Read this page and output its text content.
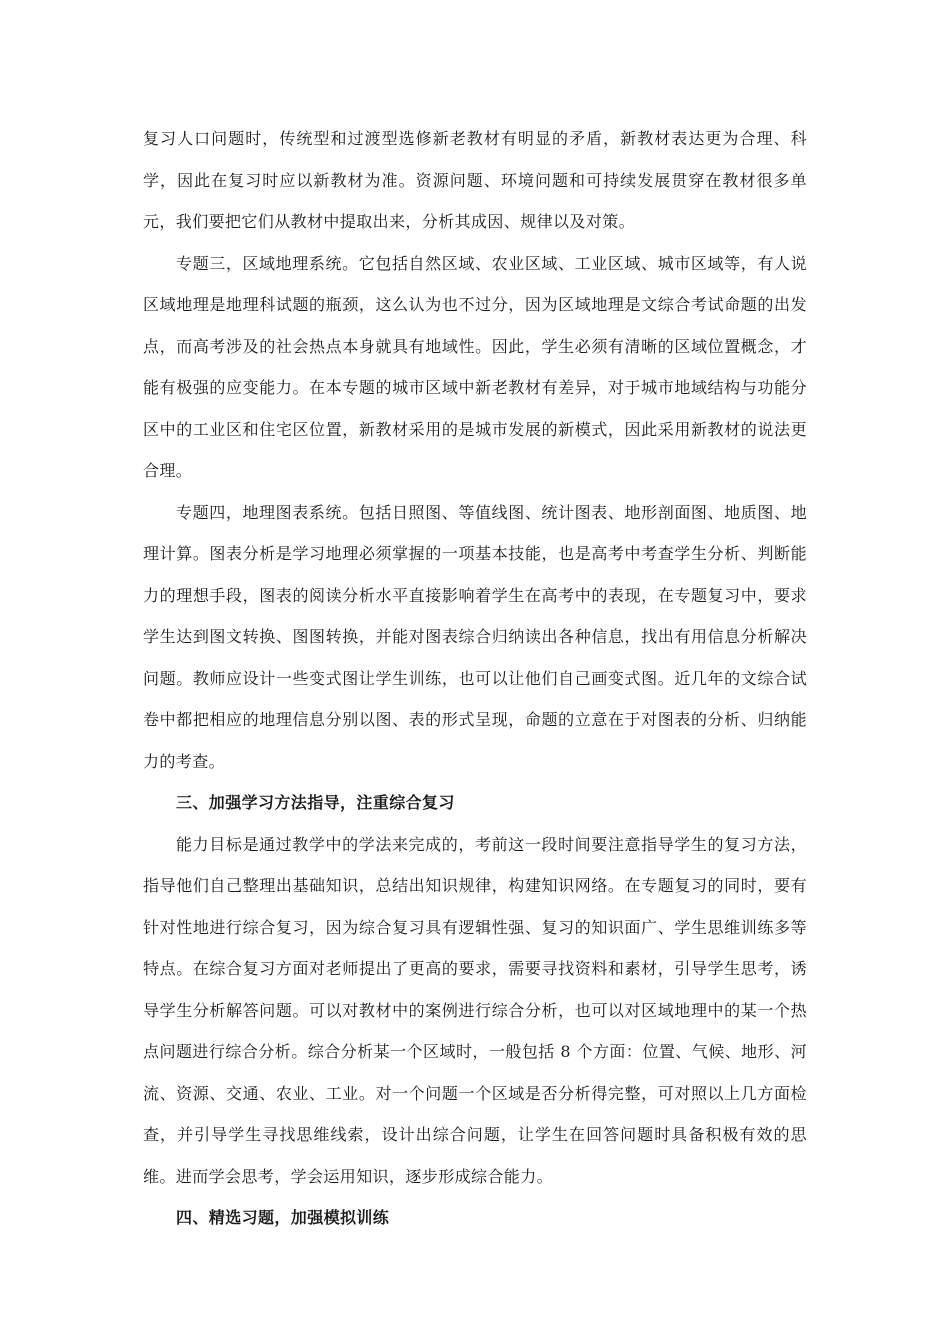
复习人口问题时，传统型和过渡型选修新老教材有明显的矛盾，新教材表达更为合理、科学，因此在复习时应以新教材为准。资源问题、环境问题和可持续发展贯穿在教材很多单元，我们要把它们从教材中提取出来，分析其成因、规律以及对策。

专题三，区域地理系统。它包括自然区域、农业区域、工业区域、城市区域等，有人说区域地理是地理科试题的瓶颈，这么认为也不过分，因为区域地理是文综合考试命题的出发点，而高考涉及的社会热点本身就具有地域性。因此，学生必须有清晰的区域位置概念，才能有极强的应变能力。在本专题的城市区域中新老教材有差异，对于城市地域结构与功能分区中的工业区和住宅区位置，新教材采用的是城市发展的新模式，因此采用新教材的说法更合理。

专题四，地理图表系统。包括日照图、等值线图、统计图表、地形剖面图、地质图、地理计算。图表分析是学习地理必须掌握的一项基本技能，也是高考中考查学生分析、判断能力的理想手段，图表的阅读分析水平直接影响着学生在高考中的表现，在专题复习中，要求学生达到图文转换、图图转换，并能对图表综合归纳读出各种信息，找出有用信息分析解决问题。教师应设计一些变式图让学生训练，也可以让他们自己画变式图。近几年的文综合试卷中都把相应的地理信息分别以图、表的形式呈现，命题的立意在于对图表的分析、归纳能力的考查。

三、加强学习方法指导，注重综合复习

能力目标是通过教学中的学法来完成的，考前这一段时间要注意指导学生的复习方法，指导他们自己整理出基础知识，总结出知识规律，构建知识网络。在专题复习的同时，要有针对性地进行综合复习，因为综合复习具有逻辑性强、复习的知识面广、学生思维训练多等特点。在综合复习方面对老师提出了更高的要求，需要寻找资料和素材，引导学生思考，诱导学生分析解答问题。可以对教材中的案例进行综合分析，也可以对区域地理中的某一个热点问题进行综合分析。综合分析某一个区域时，一般包括 8 个方面：位置、气候、地形、河流、资源、交通、农业、工业。对一个问题一个区域是否分析得完整，可对照以上几方面检查，并引导学生寻找思维线索，设计出综合问题，让学生在回答问题时具备积极有效的思维。进而学会思考，学会运用知识，逐步形成综合能力。

四、精选习题，加强模拟训练
